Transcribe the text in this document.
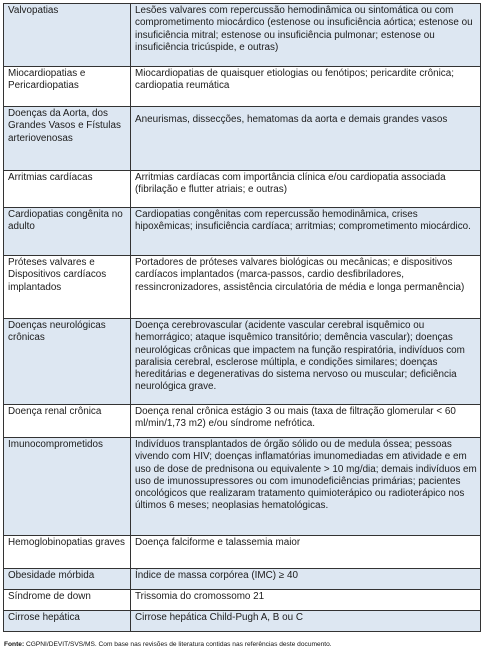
Valvopatias	Lesões valvares com repercussão hemodinâmica ou sintomática ou com comprometimento miocárdico (estenose ou insuficiência aórtica; estenose ou insuficiência mitral; estenose ou insuficiência pulmonar; estenose ou insuficiência tricúspide, e outras)
Miocardiopatias e Pericardiopatias	Miocardiopatias de quaisquer etiologias ou fenótipos; pericardite crônica; cardiopatia reumática
Doenças da Aorta, dos Grandes Vasos e Fístulas arteriovenosas	Aneurismas, dissecções, hematomas da aorta e demais grandes vasos
Arritmias cardíacas	Arritmias cardíacas com importância clínica e/ou cardiopatia associada (fibrilação e flutter atriais; e outras)
Cardiopatias congênita no adulto	Cardiopatias congênitas com repercussão hemodinâmica, crises hipoxêmicas; insuficiência cardíaca; arritmias; comprometimento miocárdico.
Próteses valvares e Dispositivos cardíacos implantados	Portadores de próteses valvares biológicas ou mecânicas; e dispositivos cardíacos implantados (marca-passos, cardio desfibriladores, ressincronizadores, assistência circulatória de média e longa permanência)
Doenças neurológicas crônicas	Doença cerebrovascular (acidente vascular cerebral isquêmico ou hemorrágico; ataque isquêmico transitório; demência vascular); doenças neurológicas crônicas que impactem na função respiratória, indivíduos com paralisia cerebral, esclerose múltipla, e condições similares; doenças hereditárias e degenerativas do sistema nervoso ou muscular; deficiência neurológica grave.
Doença renal crônica	Doença renal crônica estágio 3 ou mais (taxa de filtração glomerular < 60 ml/min/1,73 m2) e/ou síndrome nefrótica.
Imunocomprometidos	Indivíduos transplantados de órgão sólido ou de medula óssea; pessoas vivendo com HIV; doenças inflamatórias imunomediadas em atividade e em uso de dose de prednisona ou equivalente > 10 mg/dia; demais indivíduos em uso de imunossupressores ou com imunodeficiências primárias; pacientes oncológicos que realizaram tratamento quimioterápico ou radioterápico nos últimos 6 meses; neoplasias hematológicas.
Hemoglobinopatias graves	Doença falciforme e talassemia maior
Obesidade mórbida	Índice de massa corpórea (IMC) ≥ 40
Síndrome de down	Trissomia do cromossomo 21
Cirrose hepática	Cirrose hepática Child-Pugh A, B ou C
Fonte: CGPNI/DEVIT/SVS/MS. Com base nas revisões de literatura contidas nas referências deste documento.
